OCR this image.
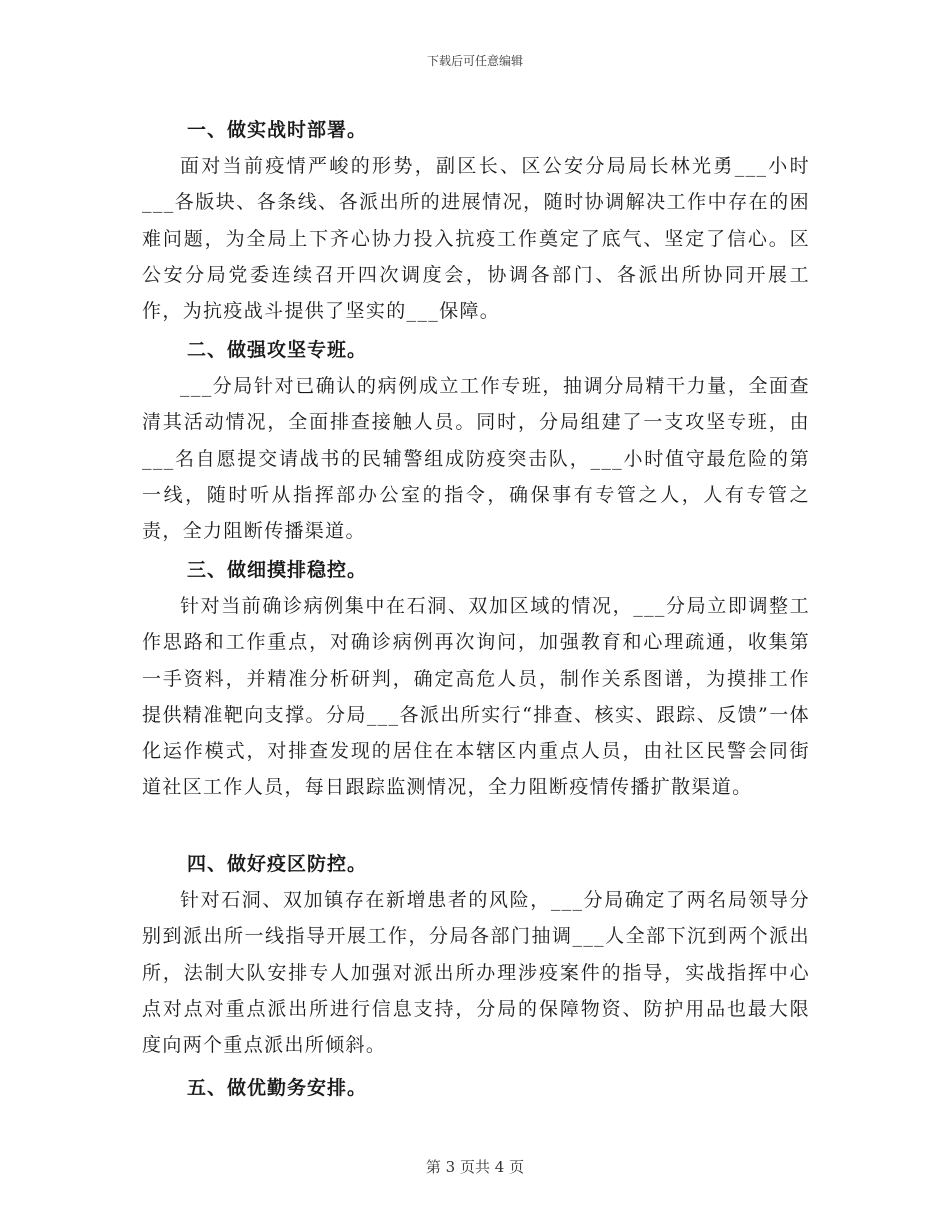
下载后可任意编辑

一、做实战时部署。

面对当前疫情严峻的形势，副区长、区公安分局局长林光勇___小时___各版块、各条线、各派出所的进展情况，随时协调解决工作中存在的困难问题，为全局上下齐心协力投入抗疫工作奠定了底气、坚定了信心。区公安分局党委连续召开四次调度会，协调各部门、各派出所协同开展工作，为抗疫战斗提供了坚实的___保障。

二、做强攻坚专班。

___分局针对已确认的病例成立工作专班，抽调分局精干力量，全面查清其活动情况，全面排查接触人员。同时，分局组建了一支攻坚专班，由___名自愿提交请战书的民辅警组成防疫突击队，___小时值守最危险的第一线，随时听从指挥部办公室的指令，确保事有专管之人，人有专管之责，全力阻断传播渠道。

三、做细摸排稳控。

针对当前确诊病例集中在石洞、双加区域的情况，___分局立即调整工作思路和工作重点，对确诊病例再次询问，加强教育和心理疏通，收集第一手资料，并精准分析研判，确定高危人员，制作关系图谱，为摸排工作提供精准靶向支撑。分局___各派出所实行“排查、核实、跟踪、反馈”一体化运作模式，对排查发现的居住在本辖区内重点人员，由社区民警会同街道社区工作人员，每日跟踪监测情况，全力阻断疫情传播扩散渠道。

四、做好疫区防控。

针对石洞、双加镇存在新增患者的风险，___分局确定了两名局领导分别到派出所一线指导开展工作，分局各部门抽调___人全部下沉到两个派出所，法制大队安排专人加强对派出所办理涉疫案件的指导，实战指挥中心点对点对重点派出所进行信息支持，分局的保障物资、防护用品也最大限度向两个重点派出所倾斜。

五、做优勤务安排。

第 3 页共 4 页
